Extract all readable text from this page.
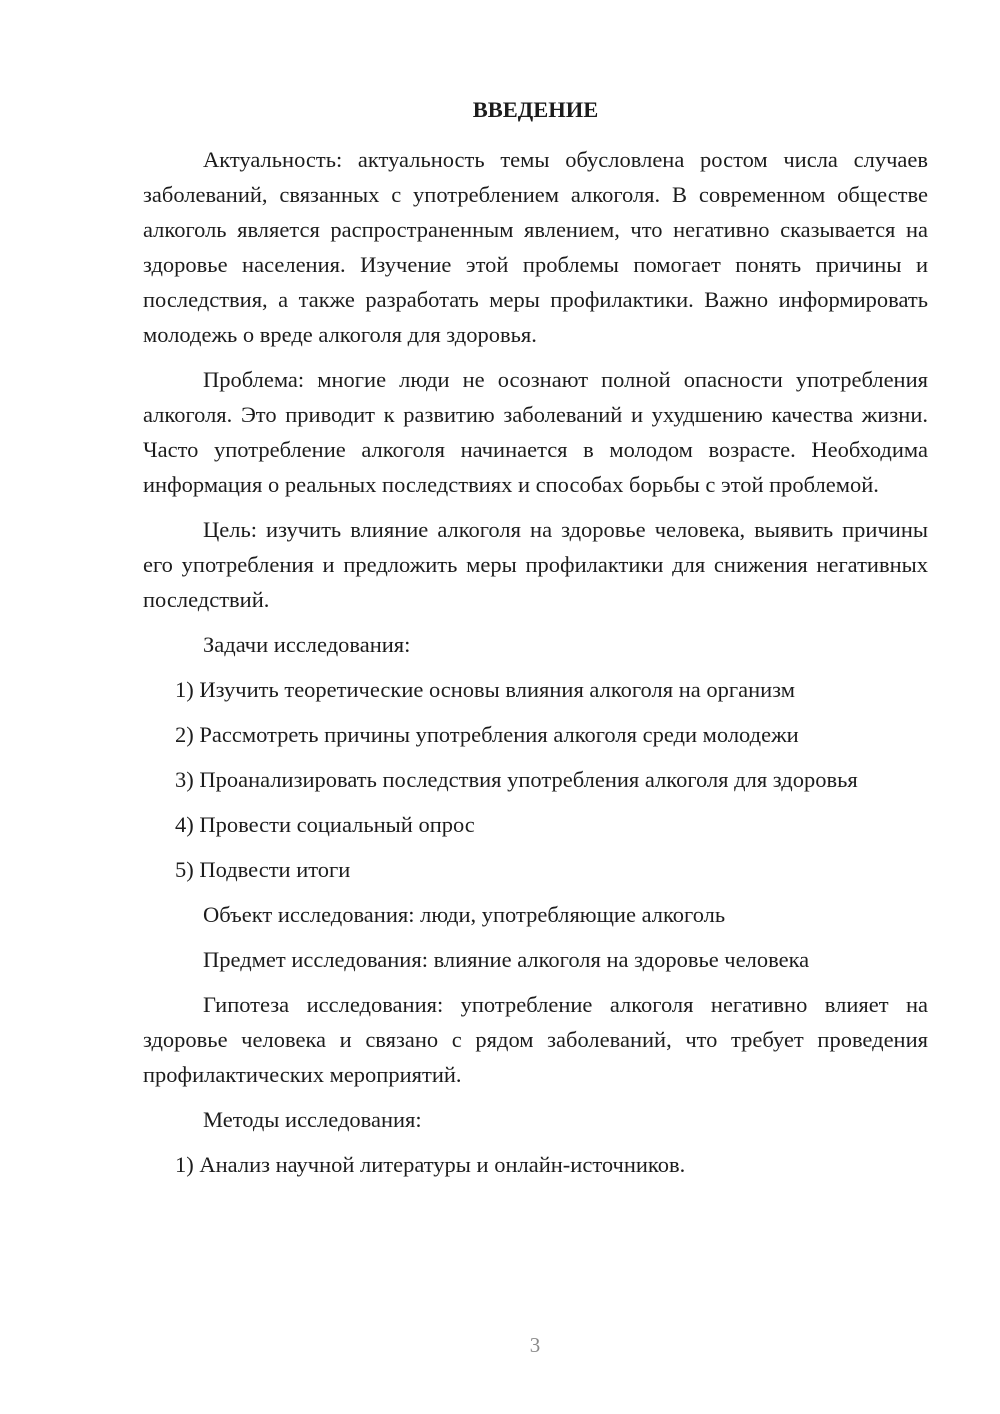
ВВЕДЕНИЕ

Актуальность: актуальность темы обусловлена ростом числа случаев заболеваний, связанных с употреблением алкоголя. В современном обществе алкоголь является распространенным явлением, что негативно сказывается на здоровье населения. Изучение этой проблемы помогает понять причины и последствия, а также разработать меры профилактики. Важно информировать молодежь о вреде алкоголя для здоровья.

Проблема: многие люди не осознают полной опасности употребления алкоголя. Это приводит к развитию заболеваний и ухудшению качества жизни. Часто употребление алкоголя начинается в молодом возрасте. Необходима информация о реальных последствиях и способах борьбы с этой проблемой.

Цель: изучить влияние алкоголя на здоровье человека, выявить причины его употребления и предложить меры профилактики для снижения негативных последствий.

Задачи исследования:

1) Изучить теоретические основы влияния алкоголя на организм

2) Рассмотреть причины употребления алкоголя среди молодежи

3) Проанализировать последствия употребления алкоголя для здоровья

4) Провести социальный опрос

5) Подвести итоги

Объект исследования: люди, употребляющие алкоголь

Предмет исследования: влияние алкоголя на здоровье человека

Гипотеза исследования: употребление алкоголя негативно влияет на здоровье человека и связано с рядом заболеваний, что требует проведения профилактических мероприятий.

Методы исследования:

1) Анализ научной литературы и онлайн-источников.

3
